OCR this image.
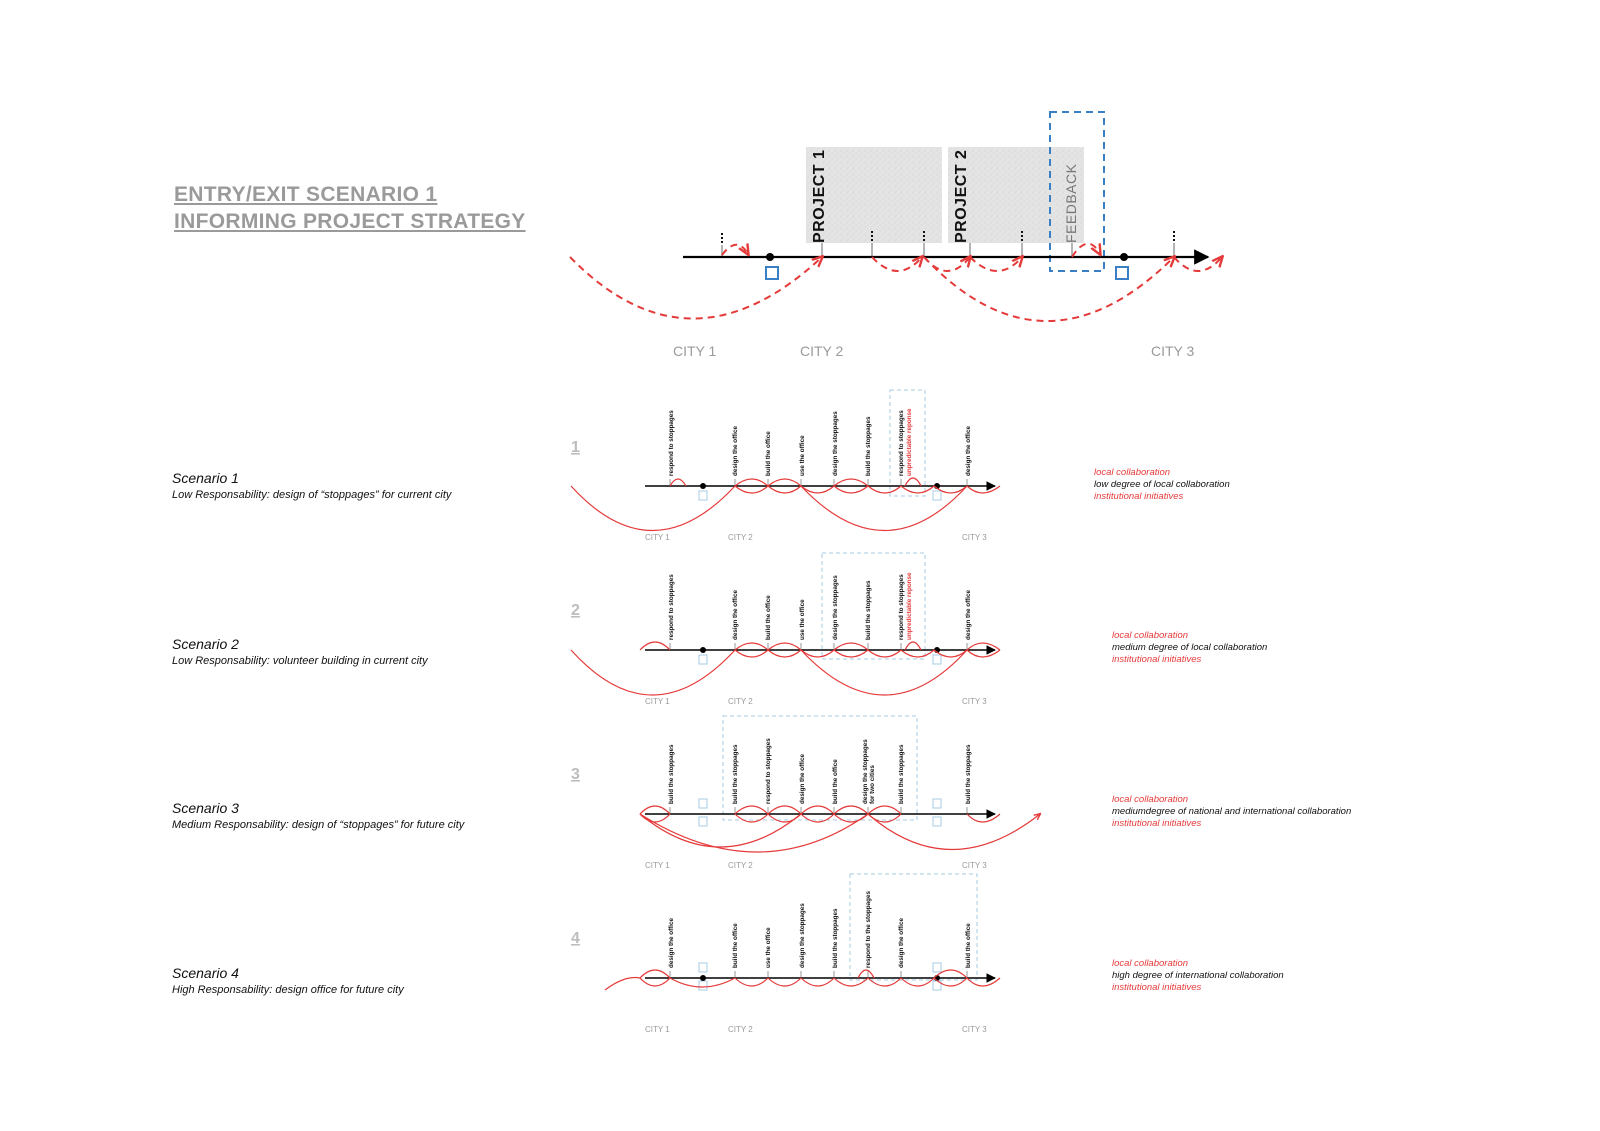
ENTRY/EXIT SCENARIO 1
INFORMING PROJECT STRATEGY
Scenario 1
Low Responsability: design of “stoppages” for current city
Scenario 2
Low Responsability: volunteer building in current city
Scenario 3
Medium Responsability: design of “stoppages” for future city
Scenario 4
High Responsability: design office for future city
local collaboration
low degree of local collaboration
institutional initiatives
local collaboration
medium degree of local collaboration
institutional initiatives
local collaboration
mediumdegree of national and international collaboration
institutional initiatives
local collaboration
high degree of international collaboration
institutional initiatives
PROJECT 1	PROJECT 2	FEEDBACK
CITY 1	CITY 2	CITY 3
1	respond to stoppages	design the office	build the office	use the office	design the stoppages	build the stoppages	respond to stoppages unpredictable reponse	design the office
CITY 1	CITY 2	CITY 3
2	respond to stoppages	design the office	build the office	use the office	design the stoppages	build the stoppages	respond to stoppages unpredictable reponse	design the office
CITY 1	CITY 2	CITY 3
3	build the stoppages	build the stoppages	respond to stoppages	design the office	build the office	design the stoppages for two cities	build the stoppages	build the stoppages
CITY 1	CITY 2	CITY 3
4	design the office	build the office	use the office	design the stoppages	build the stoppages	respond to the stoppages	design the office	build the office
CITY 1	CITY 2	CITY 3
